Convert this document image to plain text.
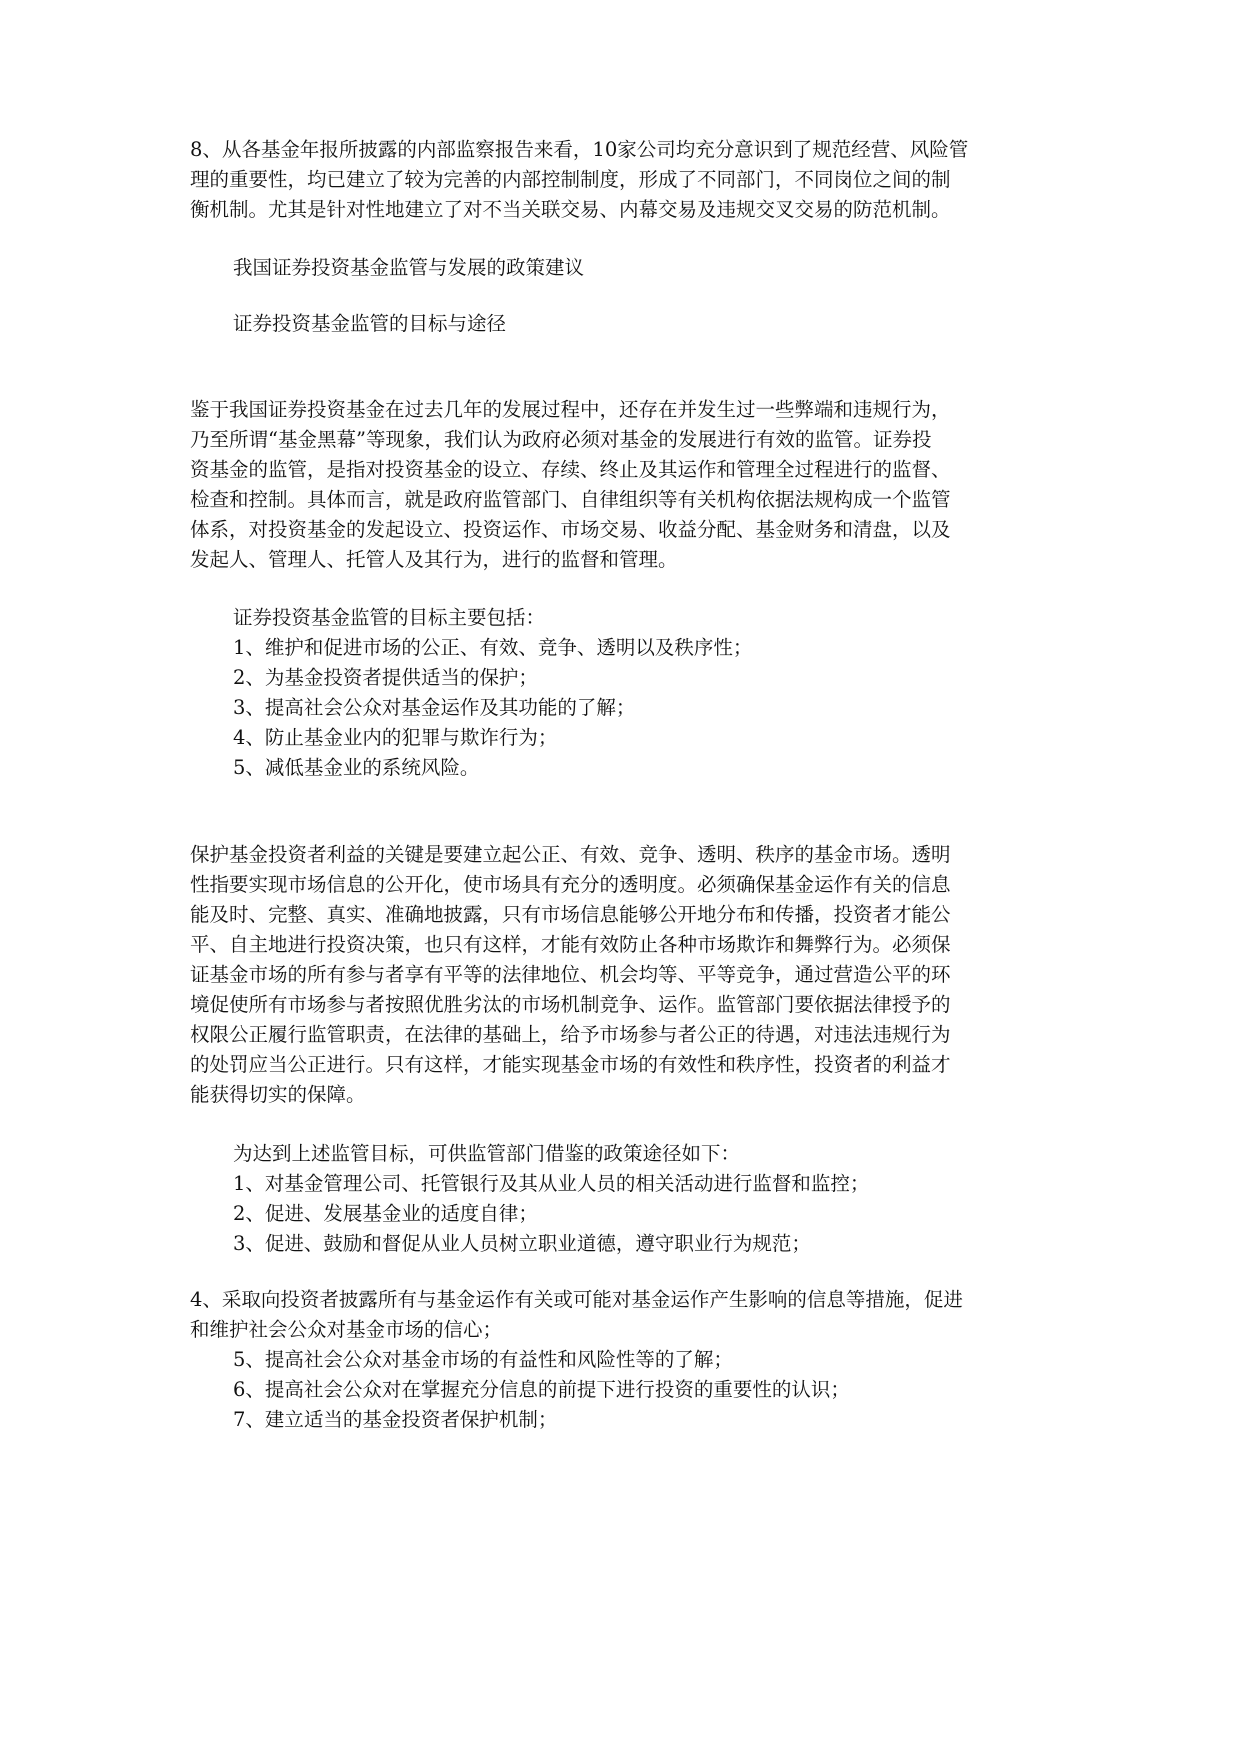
8、从各基金年报所披露的内部监察报告来看，10家公司均充分意识到了规范经营、风险管
理的重要性，均已建立了较为完善的内部控制制度，形成了不同部门，不同岗位之间的制
衡机制。尤其是针对性地建立了对不当关联交易、内幕交易及违规交叉交易的防范机制。
我国证券投资基金监管与发展的政策建议
证券投资基金监管的目标与途径
鉴于我国证券投资基金在过去几年的发展过程中，还存在并发生过一些弊端和违规行为，
乃至所谓“基金黑幕”等现象，我们认为政府必须对基金的发展进行有效的监管。证券投
资基金的监管，是指对投资基金的设立、存续、终止及其运作和管理全过程进行的监督、
检查和控制。具体而言，就是政府监管部门、自律组织等有关机构依据法规构成一个监管
体系，对投资基金的发起设立、投资运作、市场交易、收益分配、基金财务和清盘，以及
发起人、管理人、托管人及其行为，进行的监督和管理。
证券投资基金监管的目标主要包括：
1、维护和促进市场的公正、有效、竞争、透明以及秩序性；
2、为基金投资者提供适当的保护；
3、提高社会公众对基金运作及其功能的了解；
4、防止基金业内的犯罪与欺诈行为；
5、减低基金业的系统风险。
保护基金投资者利益的关键是要建立起公正、有效、竞争、透明、秩序的基金市场。透明
性指要实现市场信息的公开化，使市场具有充分的透明度。必须确保基金运作有关的信息
能及时、完整、真实、准确地披露，只有市场信息能够公开地分布和传播，投资者才能公
平、自主地进行投资决策，也只有这样，才能有效防止各种市场欺诈和舞弊行为。必须保
证基金市场的所有参与者享有平等的法律地位、机会均等、平等竞争，通过营造公平的环
境促使所有市场参与者按照优胜劣汰的市场机制竞争、运作。监管部门要依据法律授予的
权限公正履行监管职责，在法律的基础上，给予市场参与者公正的待遇，对违法违规行为
的处罚应当公正进行。只有这样，才能实现基金市场的有效性和秩序性，投资者的利益才
能获得切实的保障。
为达到上述监管目标，可供监管部门借鉴的政策途径如下：
1、对基金管理公司、托管银行及其从业人员的相关活动进行监督和监控；
2、促进、发展基金业的适度自律；
3、促进、鼓励和督促从业人员树立职业道德，遵守职业行为规范；
4、采取向投资者披露所有与基金运作有关或可能对基金运作产生影响的信息等措施，促进
和维护社会公众对基金市场的信心；
5、提高社会公众对基金市场的有益性和风险性等的了解；
6、提高社会公众对在掌握充分信息的前提下进行投资的重要性的认识；
7、建立适当的基金投资者保护机制；
